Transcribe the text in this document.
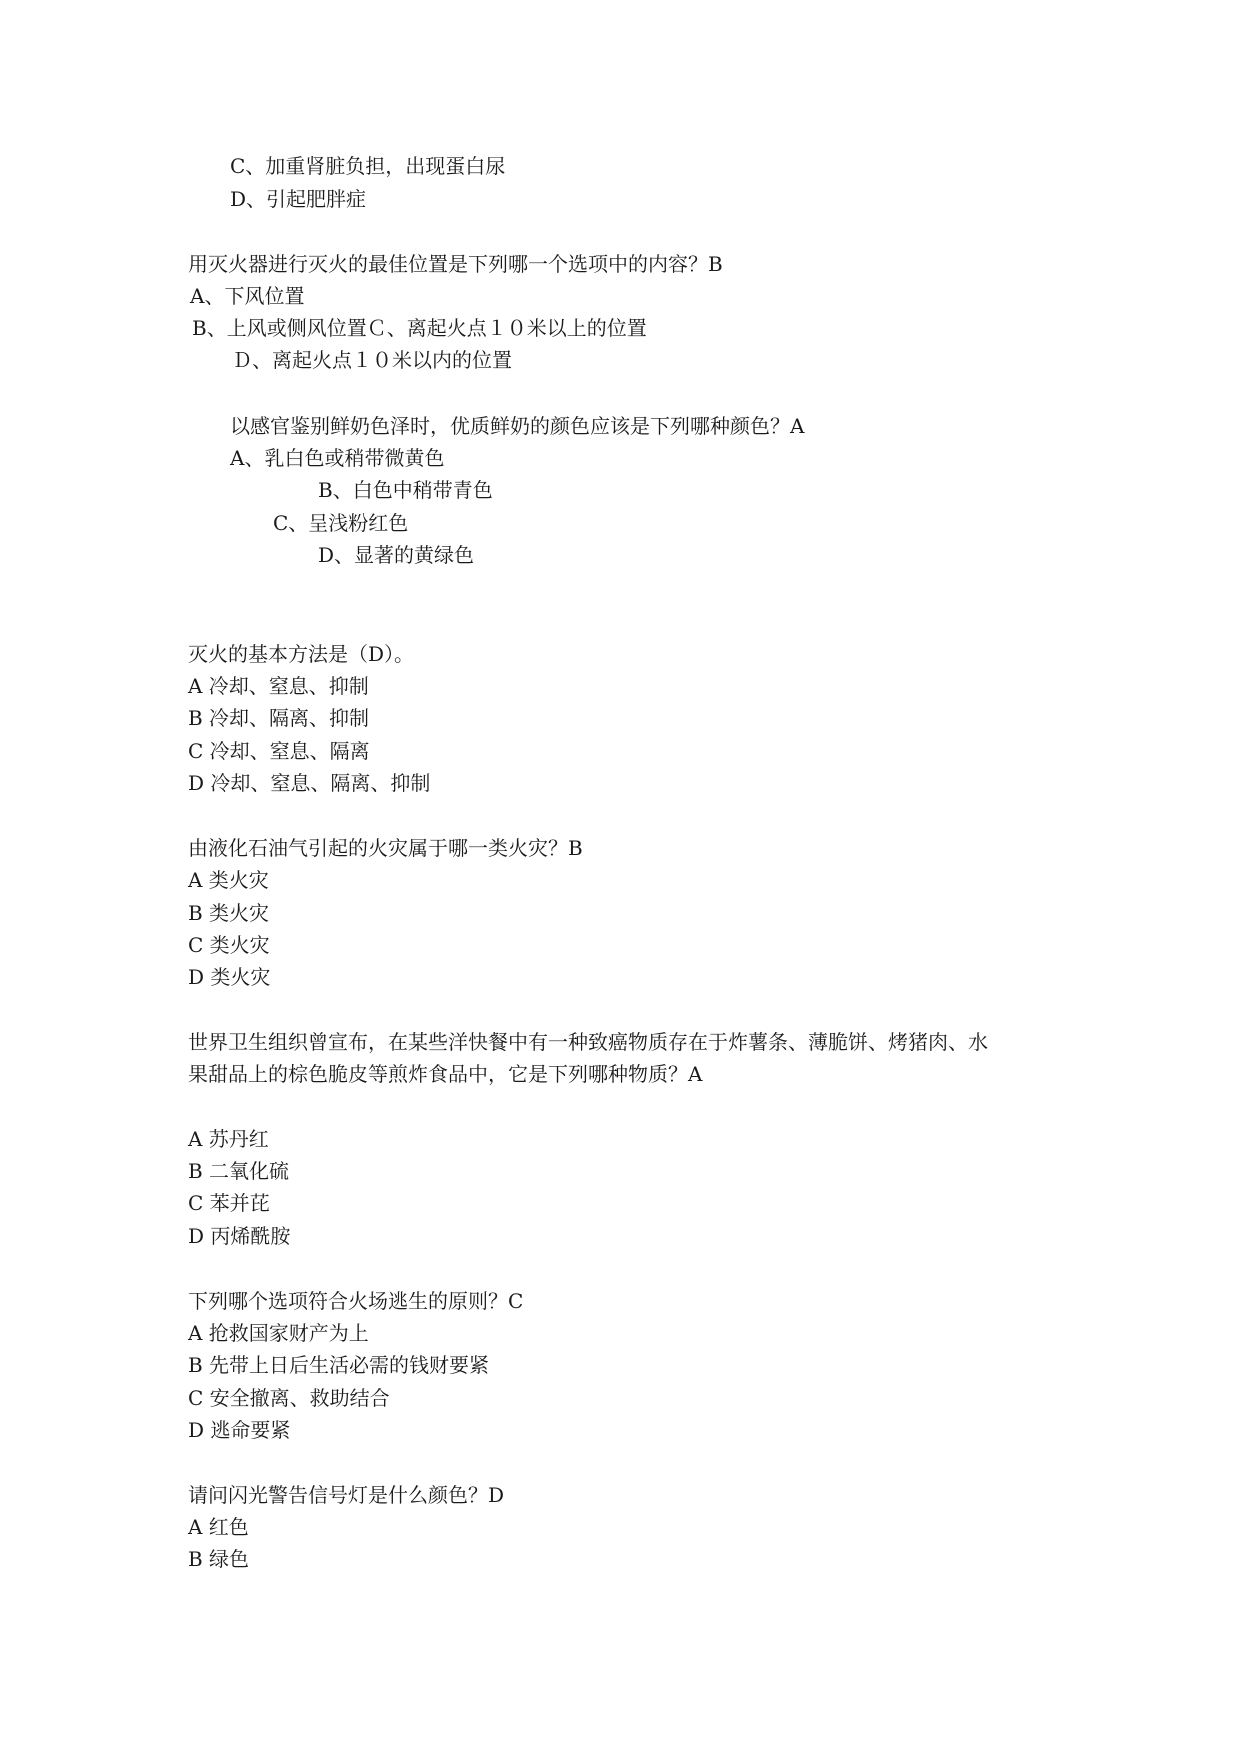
C、加重肾脏负担，出现蛋白尿
D、引起肥胖症
用灭火器进行灭火的最佳位置是下列哪一个选项中的内容？B
A、下风位置
B、上风或侧风位置Ｃ、离起火点１０米以上的位置
Ｄ、离起火点１０米以内的位置
以感官鉴别鲜奶色泽时，优质鲜奶的颜色应该是下列哪种颜色？A
A、乳白色或稍带微黄色
B、白色中稍带青色
C、呈浅粉红色
D、显著的黄绿色
灭火的基本方法是（D）。
A 冷却、窒息、抑制
B 冷却、隔离、抑制
C 冷却、窒息、隔离
D 冷却、窒息、隔离、抑制
由液化石油气引起的火灾属于哪一类火灾？B
A 类火灾
B 类火灾
C 类火灾
D 类火灾
世界卫生组织曾宣布，在某些洋快餐中有一种致癌物质存在于炸薯条、薄脆饼、烤猪肉、水
果甜品上的棕色脆皮等煎炸食品中，它是下列哪种物质？A
A 苏丹红
B 二氧化硫
C 苯并芘
D 丙烯酰胺
下列哪个选项符合火场逃生的原则？C
A 抢救国家财产为上
B 先带上日后生活必需的钱财要紧
C 安全撤离、救助结合
D 逃命要紧
请问闪光警告信号灯是什么颜色？D
A 红色
B 绿色
